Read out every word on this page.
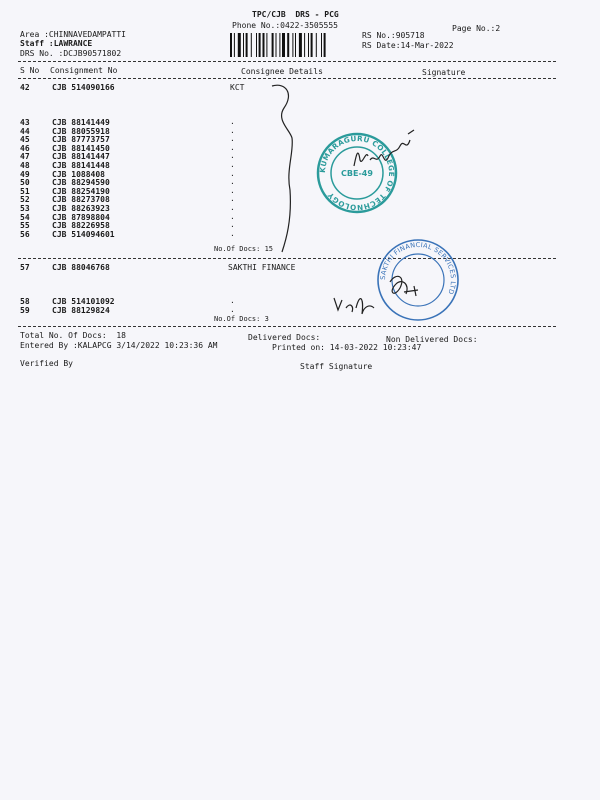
TPC/CJB  DRS - PCG
Phone No.:0422-3505555	Page No.:2
Area :CHINNAVEDAMPATTI
Staff :LAWRANCE
DRS No. :DCJB90571802
RS No.:905718
RS Date:14-Mar-2022
S No Consignment No	Consignee Details	Signature
42	CJB 514090166	KCT
43	CJB 88141449
44	CJB 88055918
45	CJB 87773757
46	CJB 88141450
47	CJB 88141447
48	CJB 88141448
49	CJB 1088408
50	CJB 88294590
51	CJB 88254190
52	CJB 88273708
53	CJB 88263923
54	CJB 87898804
55	CJB 88226958
56	CJB 514094601
.
.
.
.
.
.
.
.
.
.
.
.
.
.
No.Of Docs: 15
KUMARAGURU COLLEGE OF TECHNOLOGY
CBE-49
57	CJB 88046768	SAKTHI FINANCE
58	CJB 514101092
59	CJB 88129824
.
.
No.Of Docs: 3
SAKTHI FINANCIAL SERVICES LTD
Total No. Of Docs:  18	Delivered Docs:	Non Delivered Docs:
Entered By :KALAPCG 3/14/2022 10:23:36 AM	Printed on: 14-03-2022 10:23:47
Verified By	Staff Signature
